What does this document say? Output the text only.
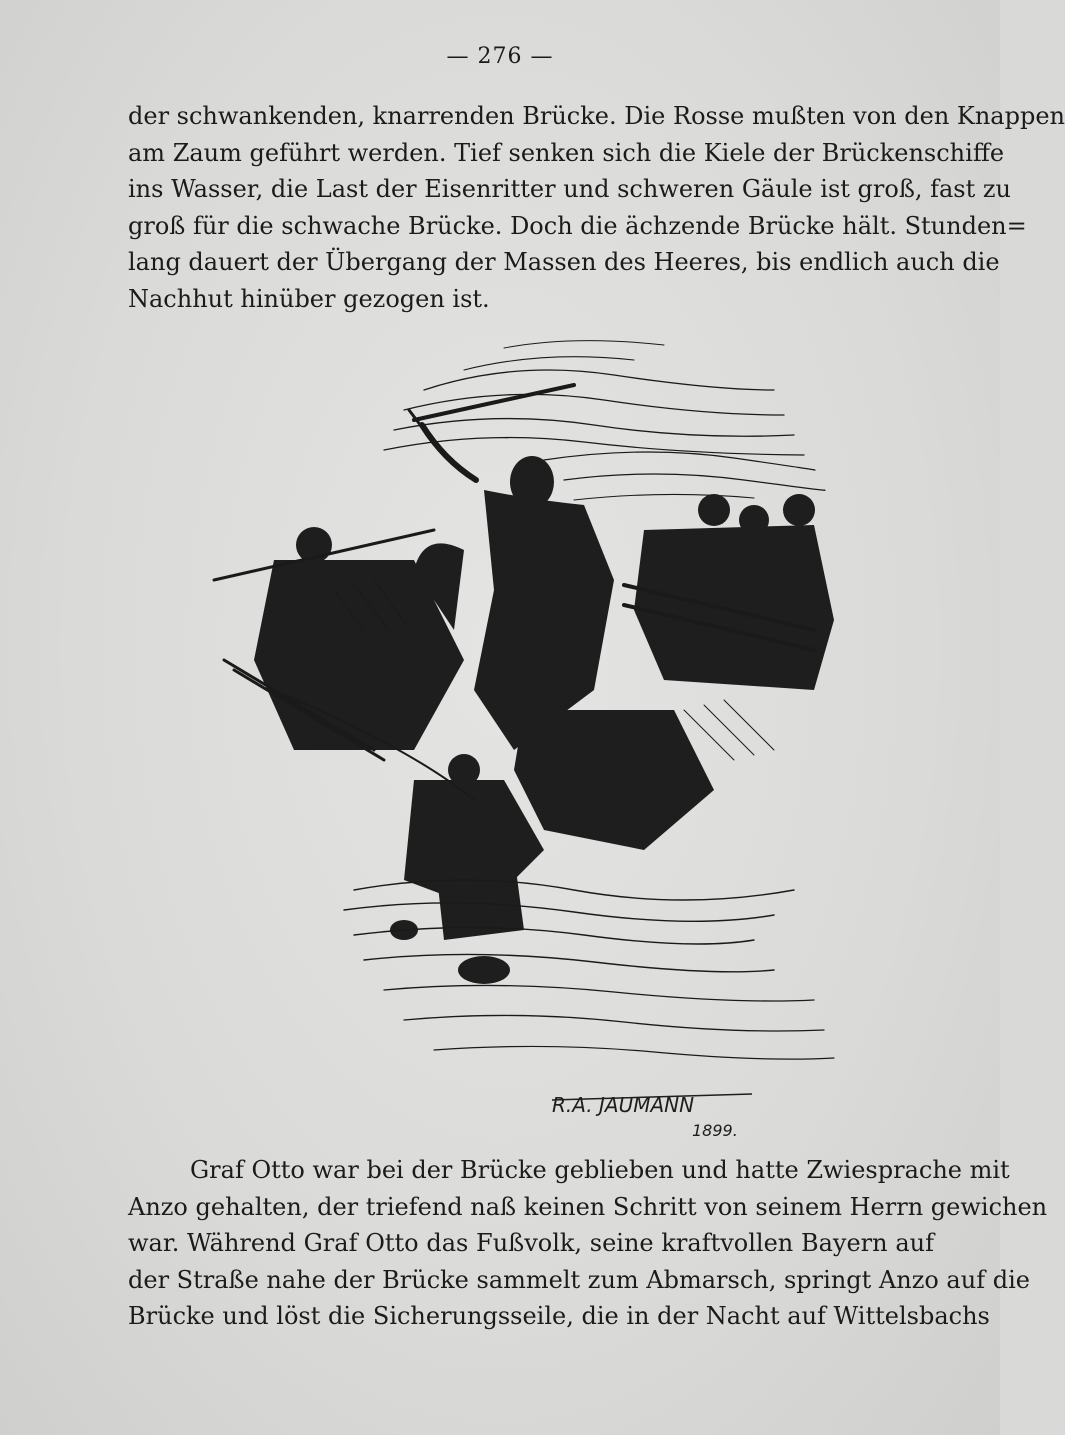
— 276 —
der schwankenden, knarrenden Brücke. Die Rosse mußten von den Knappen
am Zaum geführt werden. Tief senken sich die Kiele der Brückenschiffe
ins Wasser, die Last der Eisenritter und schweren Gäule ist groß, fast zu
groß für die schwache Brücke. Doch die ächzende Brücke hält. Stunden=
lang dauert der Übergang der Massen des Heeres, bis endlich auch die
Nachhut hinüber gezogen ist.
R.A. JAUMANN
1899.
Graf Otto war bei der Brücke geblieben und hatte Zwiesprache mit
Anzo gehalten, der triefend naß keinen Schritt von seinem Herrn gewichen
war. Während Graf Otto das Fußvolk, seine kraftvollen Bayern auf
der Straße nahe der Brücke sammelt zum Abmarsch, springt Anzo auf die
Brücke und löst die Sicherungsseile, die in der Nacht auf Wittelsbachs
